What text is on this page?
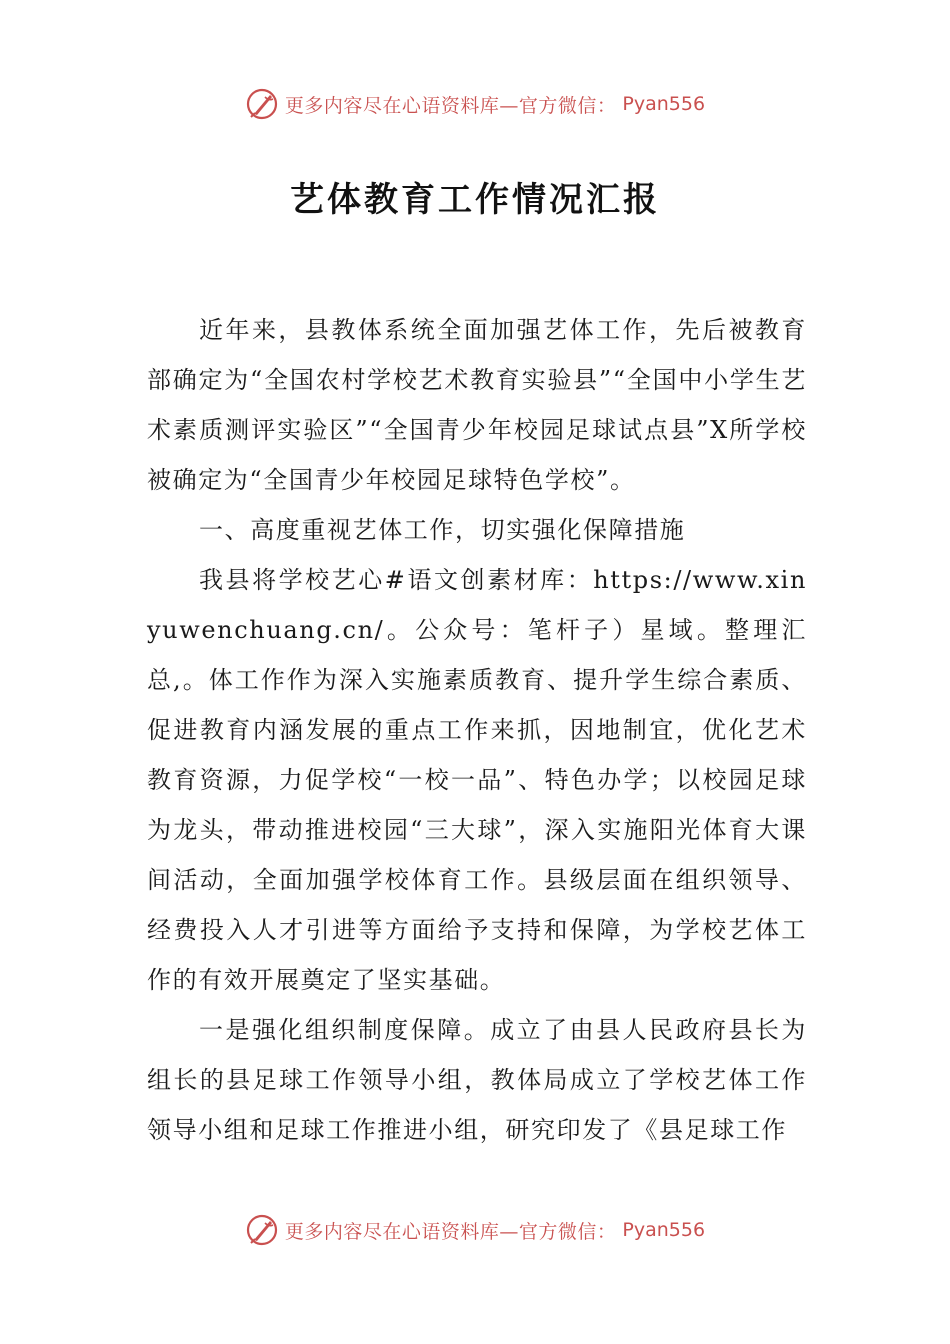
更多内容尽在心语资料库—官方微信： Pyan556
艺体教育工作情况汇报

近年来，县教体系统全面加强艺体工作，先后被教育部确定为“全国农村学校艺术教育实验县”“全国中小学生艺术素质测评实验区”“全国青少年校园足球试点县”X所学校被确定为“全国青少年校园足球特色学校”。

一、高度重视艺体工作，切实强化保障措施

我县将学校艺心#语文创素材库：https://www.xinyuwenchuang.cn/。公众号：笔杆子）星域。整理汇总,。体工作作为深入实施素质教育、提升学生综合素质、促进教育内涵发展的重点工作来抓，因地制宜，优化艺术教育资源，力促学校“一校一品”、特色办学；以校园足球为龙头，带动推进校园“三大球”，深入实施阳光体育大课间活动，全面加强学校体育工作。县级层面在组织领导、经费投入人才引进等方面给予支持和保障，为学校艺体工作的有效开展奠定了坚实基础。

一是强化组织制度保障。成立了由县人民政府县长为组长的县足球工作领导小组，教体局成立了学校艺体工作领导小组和足球工作推进小组，研究印发了《县足球工作

更多内容尽在心语资料库—官方微信： Pyan556
